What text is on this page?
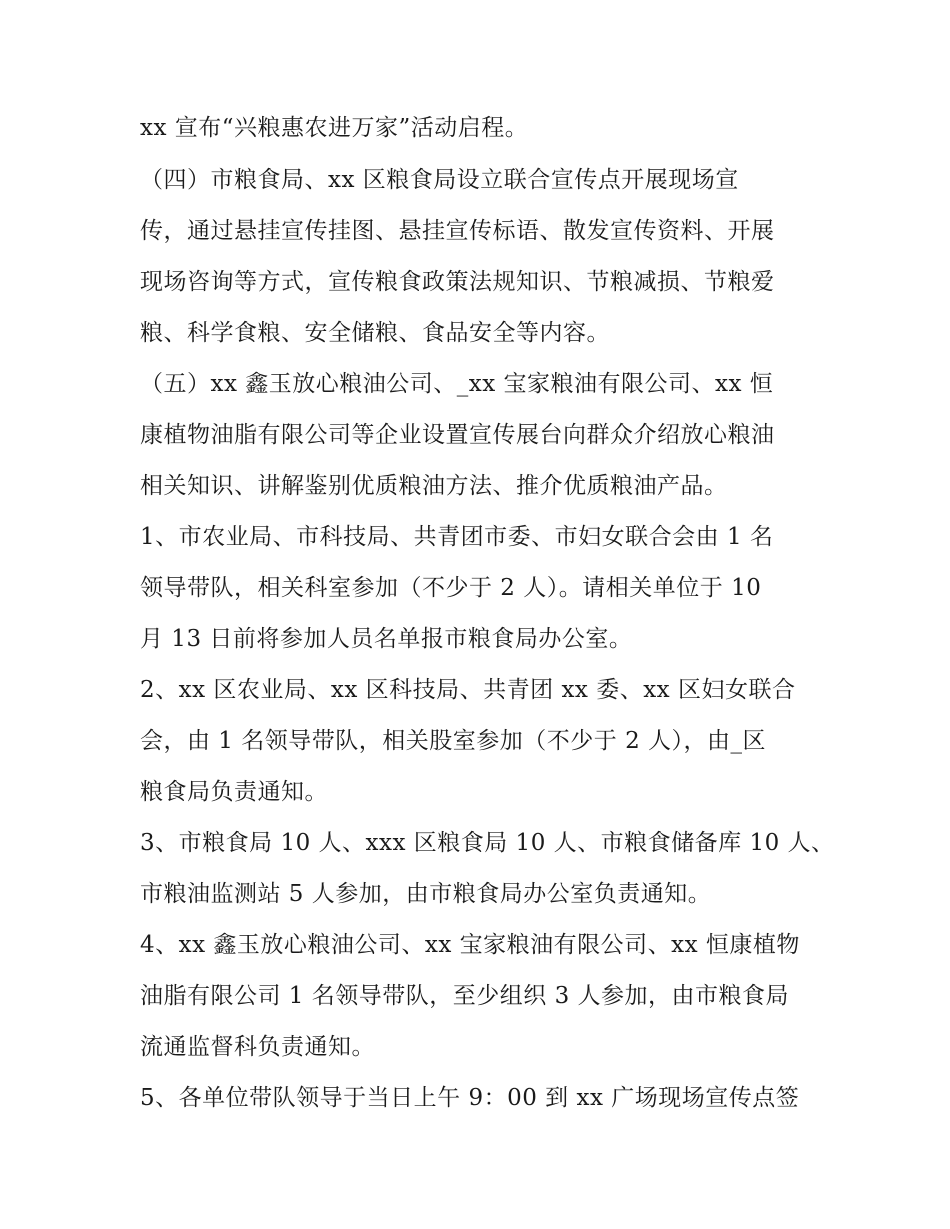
xx 宣布“兴粮惠农进万家”活动启程。
（四）市粮食局、xx 区粮食局设立联合宣传点开展现场宣
传，通过悬挂宣传挂图、悬挂宣传标语、散发宣传资料、开展
现场咨询等方式，宣传粮食政策法规知识、节粮减损、节粮爱
粮、科学食粮、安全储粮、食品安全等内容。
（五）xx 鑫玉放心粮油公司、_xx 宝家粮油有限公司、xx 恒
康植物油脂有限公司等企业设置宣传展台向群众介绍放心粮油
相关知识、讲解鉴别优质粮油方法、推介优质粮油产品。
1、市农业局、市科技局、共青团市委、市妇女联合会由 1 名
领导带队，相关科室参加（不少于 2 人）。请相关单位于 10
月 13 日前将参加人员名单报市粮食局办公室。
2、xx 区农业局、xx 区科技局、共青团 xx 委、xx 区妇女联合
会，由 1 名领导带队，相关股室参加（不少于 2 人），由_区
粮食局负责通知。
3、市粮食局 10 人、xxx 区粮食局 10 人、市粮食储备库 10 人、
市粮油监测站 5 人参加，由市粮食局办公室负责通知。
4、xx 鑫玉放心粮油公司、xx 宝家粮油有限公司、xx 恒康植物
油脂有限公司 1 名领导带队，至少组织 3 人参加，由市粮食局
流通监督科负责通知。
5、各单位带队领导于当日上午 9：00 到 xx 广场现场宣传点签
